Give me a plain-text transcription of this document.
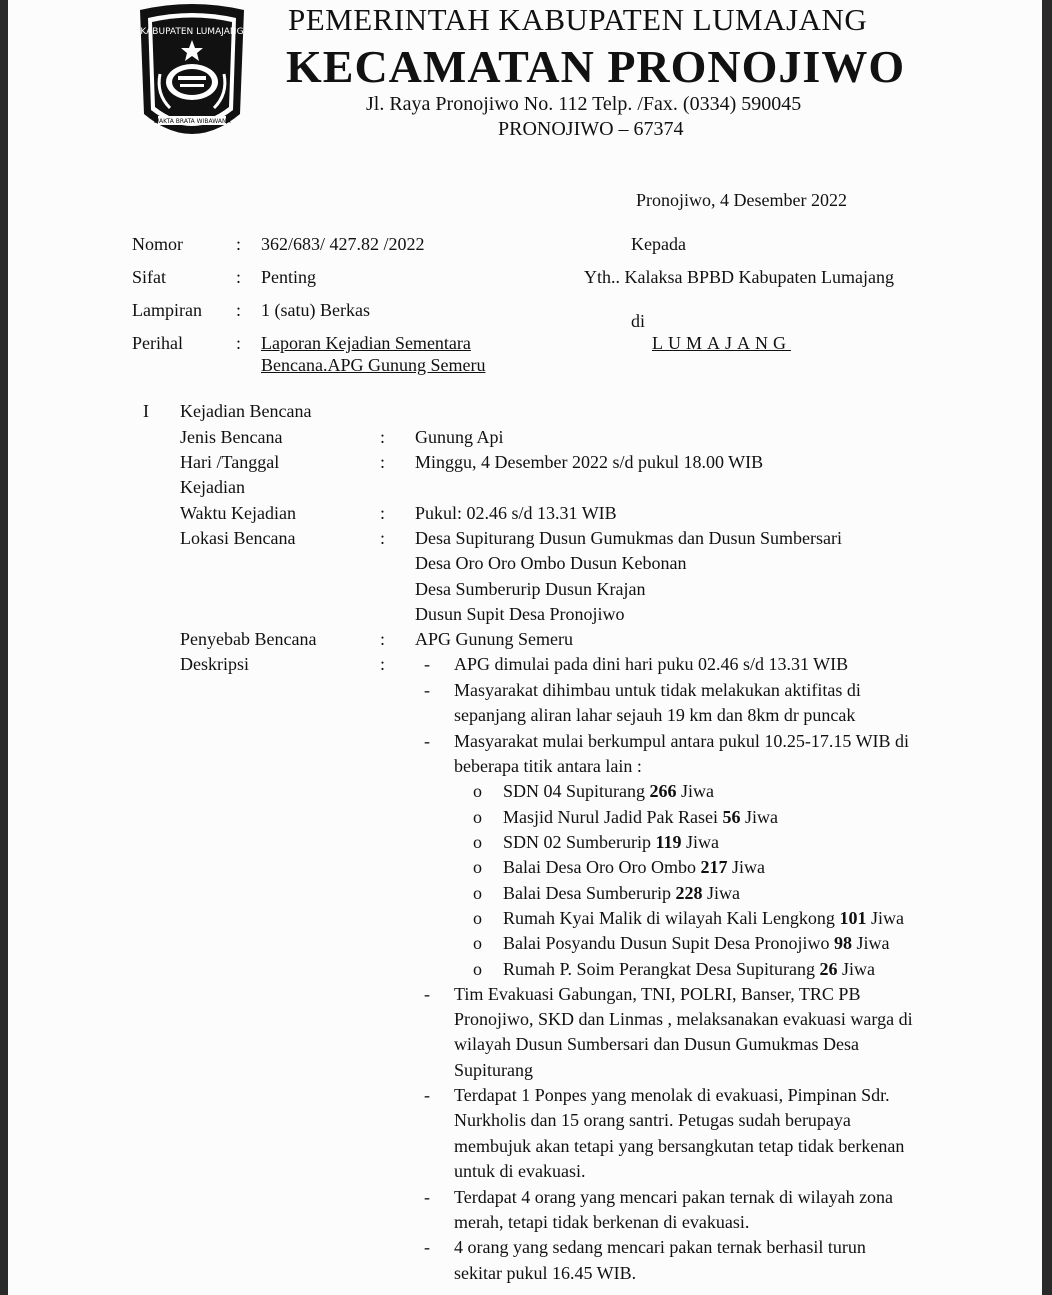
KABUPATEN LUMAJANG
WAKTA BRATA WIBAWANA
PEMERINTAH KABUPATEN LUMAJANG
KECAMATAN PRONOJIWO
Jl. Raya Pronojiwo No. 112 Telp. /Fax. (0334) 590045
PRONOJIWO – 67374
Pronojiwo, 4 Desember 2022
Nomor	: 362/683/ 427.82 /2022
Sifat	: Penting
Lampiran : 1 (satu) Berkas
Perihal	: Laporan Kejadian Sementara
Bencana.APG Gunung Semeru
Kepada
Yth.. Kalaksa BPBD Kabupaten Lumajang
di
LUMAJANG
I Kejadian Bencana
Jenis Bencana	: Gunung Api
Hari /Tanggal
Kejadian
: Minggu, 4 Desember 2022 s/d pukul 18.00 WIB
Waktu Kejadian	: Pukul: 02.46 s/d 13.31 WIB
Lokasi Bencana	: Desa Supiturang Dusun Gumukmas dan Dusun Sumbersari
Desa Oro Oro Ombo Dusun Kebonan
Desa Sumberurip Dusun Krajan
Dusun Supit Desa Pronojiwo
Penyebab Bencana	: APG Gunung Semeru
Deskripsi	: - APG dimulai pada dini hari puku 02.46 s/d 13.31 WIB
- Masyarakat dihimbau untuk tidak melakukan aktifitas di
sepanjang aliran lahar sejauh 19 km dan 8km dr puncak
- Masyarakat mulai berkumpul antara pukul 10.25-17.15 WIB di
beberapa titik antara lain :
o SDN 04 Supiturang 266 Jiwa
o Masjid Nurul Jadid Pak Rasei 56 Jiwa
o SDN 02 Sumberurip 119 Jiwa
o Balai Desa Oro Oro Ombo 217 Jiwa
o Balai Desa Sumberurip 228 Jiwa
o Rumah Kyai Malik di wilayah Kali Lengkong 101 Jiwa
o Balai Posyandu Dusun Supit Desa Pronojiwo 98 Jiwa
o Rumah P. Soim Perangkat Desa Supiturang 26 Jiwa
- Tim Evakuasi Gabungan, TNI, POLRI, Banser, TRC PB
Pronojiwo, SKD dan Linmas , melaksanakan evakuasi warga di
wilayah Dusun Sumbersari dan Dusun Gumukmas Desa
Supiturang
- Terdapat 1 Ponpes yang menolak di evakuasi, Pimpinan Sdr.
Nurkholis dan 15 orang santri. Petugas sudah berupaya
membujuk akan tetapi yang bersangkutan tetap tidak berkenan
untuk di evakuasi.
- Terdapat 4 orang yang mencari pakan ternak di wilayah zona
merah, tetapi tidak berkenan di evakuasi.
- 4 orang yang sedang mencari pakan ternak berhasil turun
sekitar pukul 16.45 WIB.
